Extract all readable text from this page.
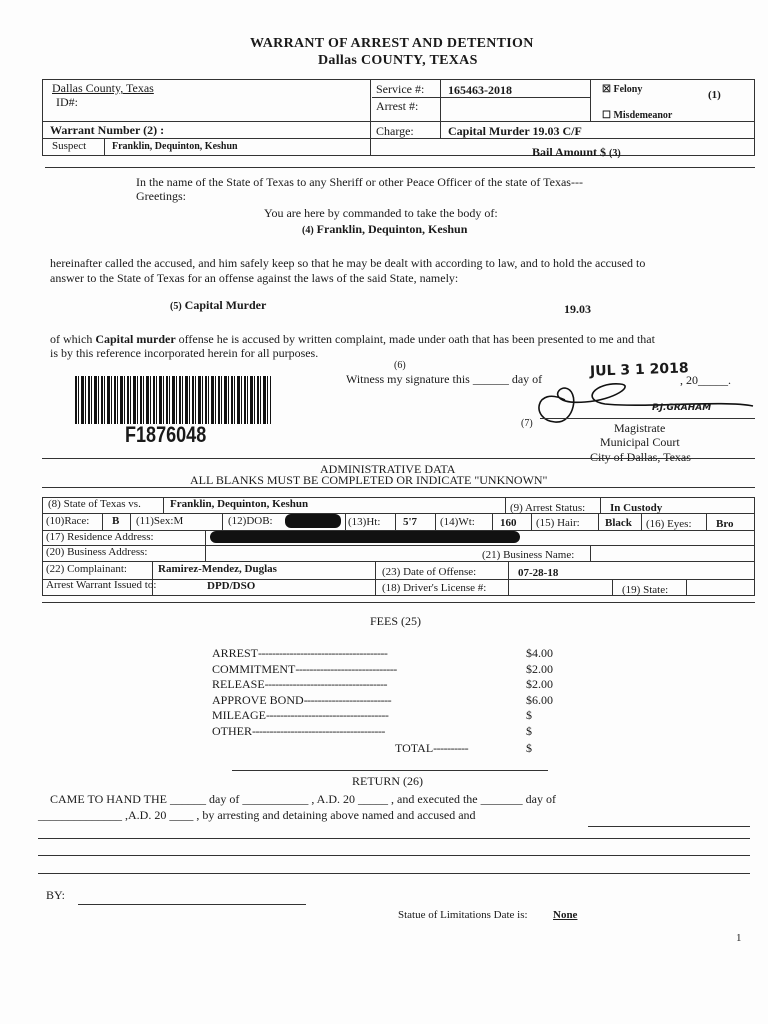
WARRANT OF ARREST AND DETENTION
Dallas COUNTY, TEXAS
Dallas County, Texas
ID#:
Service #: 165463-2018
Arrest #:
☒ Felony	(1)
☐ Misdemeanor
Warrant Number (2) :	Charge:	Capital Murder 19.03 C/F
Suspect	Franklin, Dequinton, Keshun	Bail Amount $ (3)
In the name of the State of Texas to any Sheriff or other Peace Officer of the state of Texas---
Greetings:
You are here by commanded to take the body of:
(4) Franklin, Dequinton, Keshun
hereinafter called the accused, and him safely keep so that he may be dealt with according to law, and to hold the accused to
answer to the State of Texas for an offense against the laws of the said State, namely:
(5) Capital Murder	19.03
of which Capital murder offense he is accused by written complaint, made under oath that has been presented to me and that
is by this reference incorporated herein for all purposes.
(6)
Witness my signature this ______ day of	JUL 3 1 2018
, 20_____.
P.J.GRAHAM
(7)	Magistrate
Municipal Court
City of Dallas, Texas
F1876048
ADMINISTRATIVE DATA
ALL BLANKS MUST BE COMPLETED OR INDICATE "UNKNOWN"
(8) State of Texas vs.	Franklin, Dequinton, Keshun	(9) Arrest Status: In Custody
(10)Race: B (11)Sex:M	(12)DOB:	(13)Ht: 5'7 (14)Wt: 160 (15) Hair: Black (16) Eyes: Bro
(17) Residence Address:
(20) Business Address:	(21) Business Name:
(22) Complainant:	Ramirez-Mendez, Duglas	(23) Date of Offense:	07-28-18
Arrest Warrant Issued to:	DPD/DSO	(18) Driver's License #:	(19) State:
FEES (25)
ARREST-------------------------------------	$4.00
COMMITMENT-----------------------------	$2.00
RELEASE-----------------------------------	$2.00
APPROVE BOND-------------------------	$6.00
MILEAGE-----------------------------------	$
OTHER--------------------------------------	$
TOTAL----------	$
RETURN (26)
CAME TO HAND THE ______ day of ___________ , A.D. 20 _____ , and executed the _______ day of
______________ ,A.D. 20 ____ , by arresting and detaining above named and accused and
BY:
Statue of Limitations Date is: None
1
